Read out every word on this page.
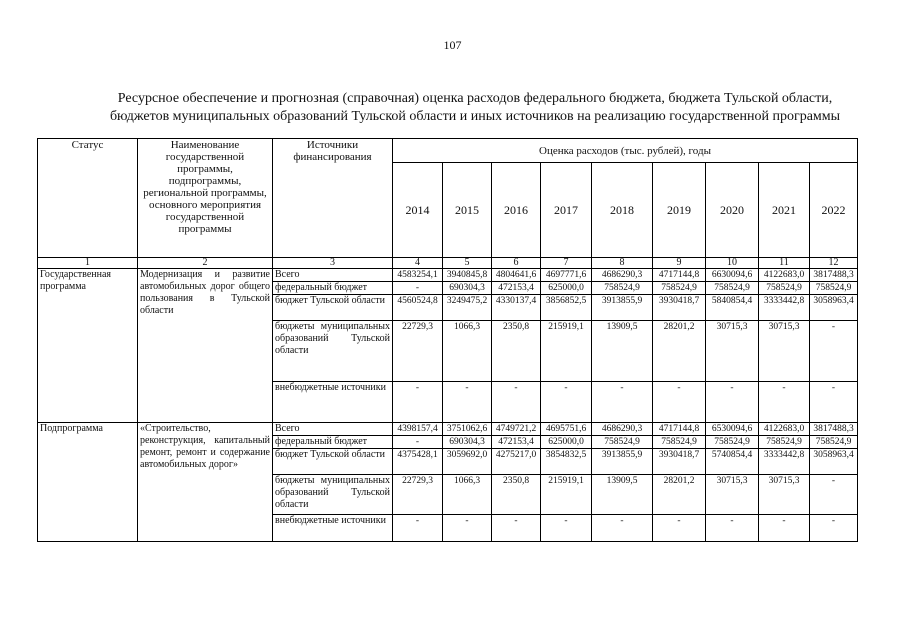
107
Ресурсное обеспечение и прогнозная (справочная) оценка расходов федерального бюджета, бюджета Тульской области,
бюджетов муниципальных образований Тульской области и иных источников на реализацию государственной программы
Статус	Наименование государственной программы, подпрограммы, региональной программы, основного мероприятия государственной программы	Источники финансирования	Оценка расходов (тыс. рублей), годы								
			2014	2015	2016	2017	2018	2019	2020	2021	2022
1	2	3	4	5	6	7	8	9	10	11	12
Государственная программа	Модернизация и развитие автомобильных дорог общего пользования в Тульской области	Всего	4583254,1	3940845,8	4804641,6	4697771,6	4686290,3	4717144,8	6630094,6	4122683,0	3817488,3
		федеральный бюджет	-	690304,3	472153,4	625000,0	758524,9	758524,9	758524,9	758524,9	758524,9
		бюджет Тульской области	4560524,8	3249475,2	4330137,4	3856852,5	3913855,9	3930418,7	5840854,4	3333442,8	3058963,4
		бюджеты муниципальных образований Тульской области	22729,3	1066,3	2350,8	215919,1	13909,5	28201,2	30715,3	30715,3	-
		внебюджетные источники	-	-	-	-	-	-	-	-	-
Подпрограмма	«Строительство, реконструкция, капитальный ремонт, ремонт и содержание автомобильных дорог»	Всего	4398157,4	3751062,6	4749721,2	4695751,6	4686290,3	4717144,8	6530094,6	4122683,0	3817488,3
		федеральный бюджет	-	690304,3	472153,4	625000,0	758524,9	758524,9	758524,9	758524,9	758524,9
		бюджет Тульской области	4375428,1	3059692,0	4275217,0	3854832,5	3913855,9	3930418,7	5740854,4	3333442,8	3058963,4
		бюджеты муниципальных образований Тульской области	22729,3	1066,3	2350,8	215919,1	13909,5	28201,2	30715,3	30715,3	-
		внебюджетные источники	-	-	-	-	-	-	-	-	-
